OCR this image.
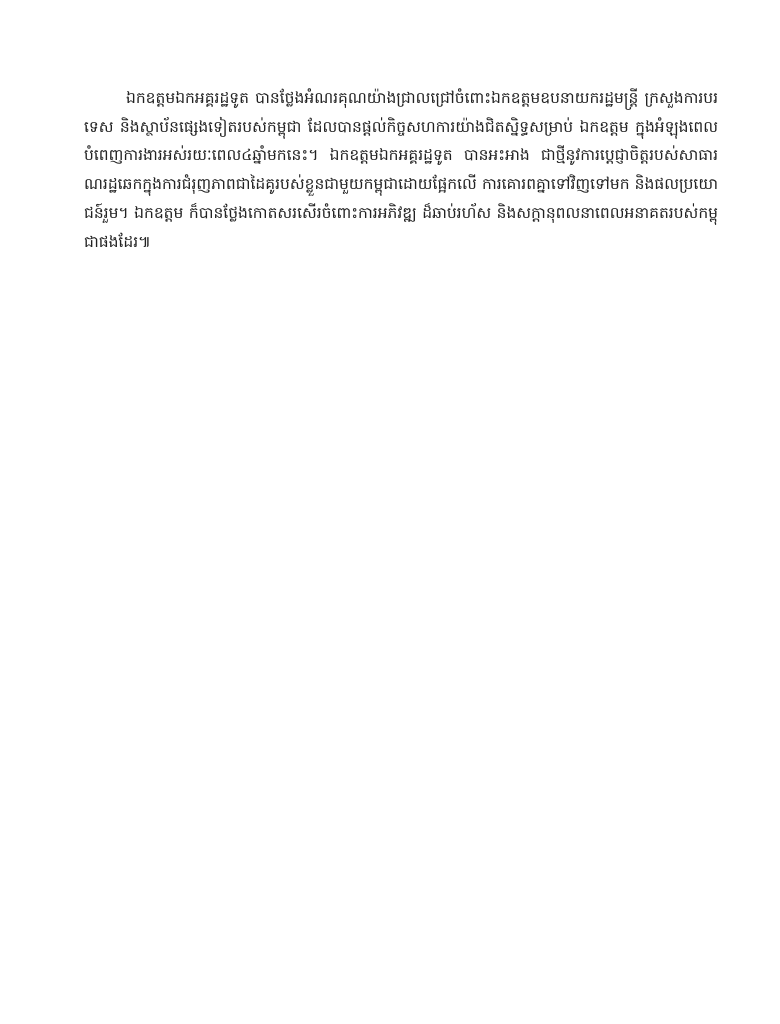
ឯកឧត្តមឯកអគ្គរដ្ឋទូត បានថ្លែងអំណរគុណយ៉ាងជ្រាលជ្រៅចំពោះឯកឧត្តមឧបនាយករដ្ឋមន្ត្រី ក្រសួងការបរទេស និងស្ថាប័នផ្សេងទៀតរបស់កម្ពុជា ដែលបានផ្តល់កិច្ចសហការយ៉ាងជិតស្និទ្ធសម្រាប់ ឯកឧត្តម ក្នុងអំឡុងពេលបំពេញការងារអស់រយៈពេល៤ឆ្នាំមកនេះ។ ឯកឧត្តមឯកអគ្គរដ្ឋទូត បានអះអាង ជាថ្មីនូវការប្តេជ្ញាចិត្តរបស់សាធារណរដ្ឋឆេកក្នុងការជំរុញភាពជាដៃគូរបស់ខ្លួនជាមួយកម្ពុជាដោយផ្អែកលើ ការគោរពគ្នាទៅវិញទៅមក និងផលប្រយោជន៍រួម។ ឯកឧត្តម ក៏បានថ្លែងកោតសរសើរចំពោះការអភិវឌ្ឍ ដ៏ឆាប់រហ័ស និងសក្តានុពលនាពេលអនាគតរបស់កម្ពុជាផងដែរ៕
